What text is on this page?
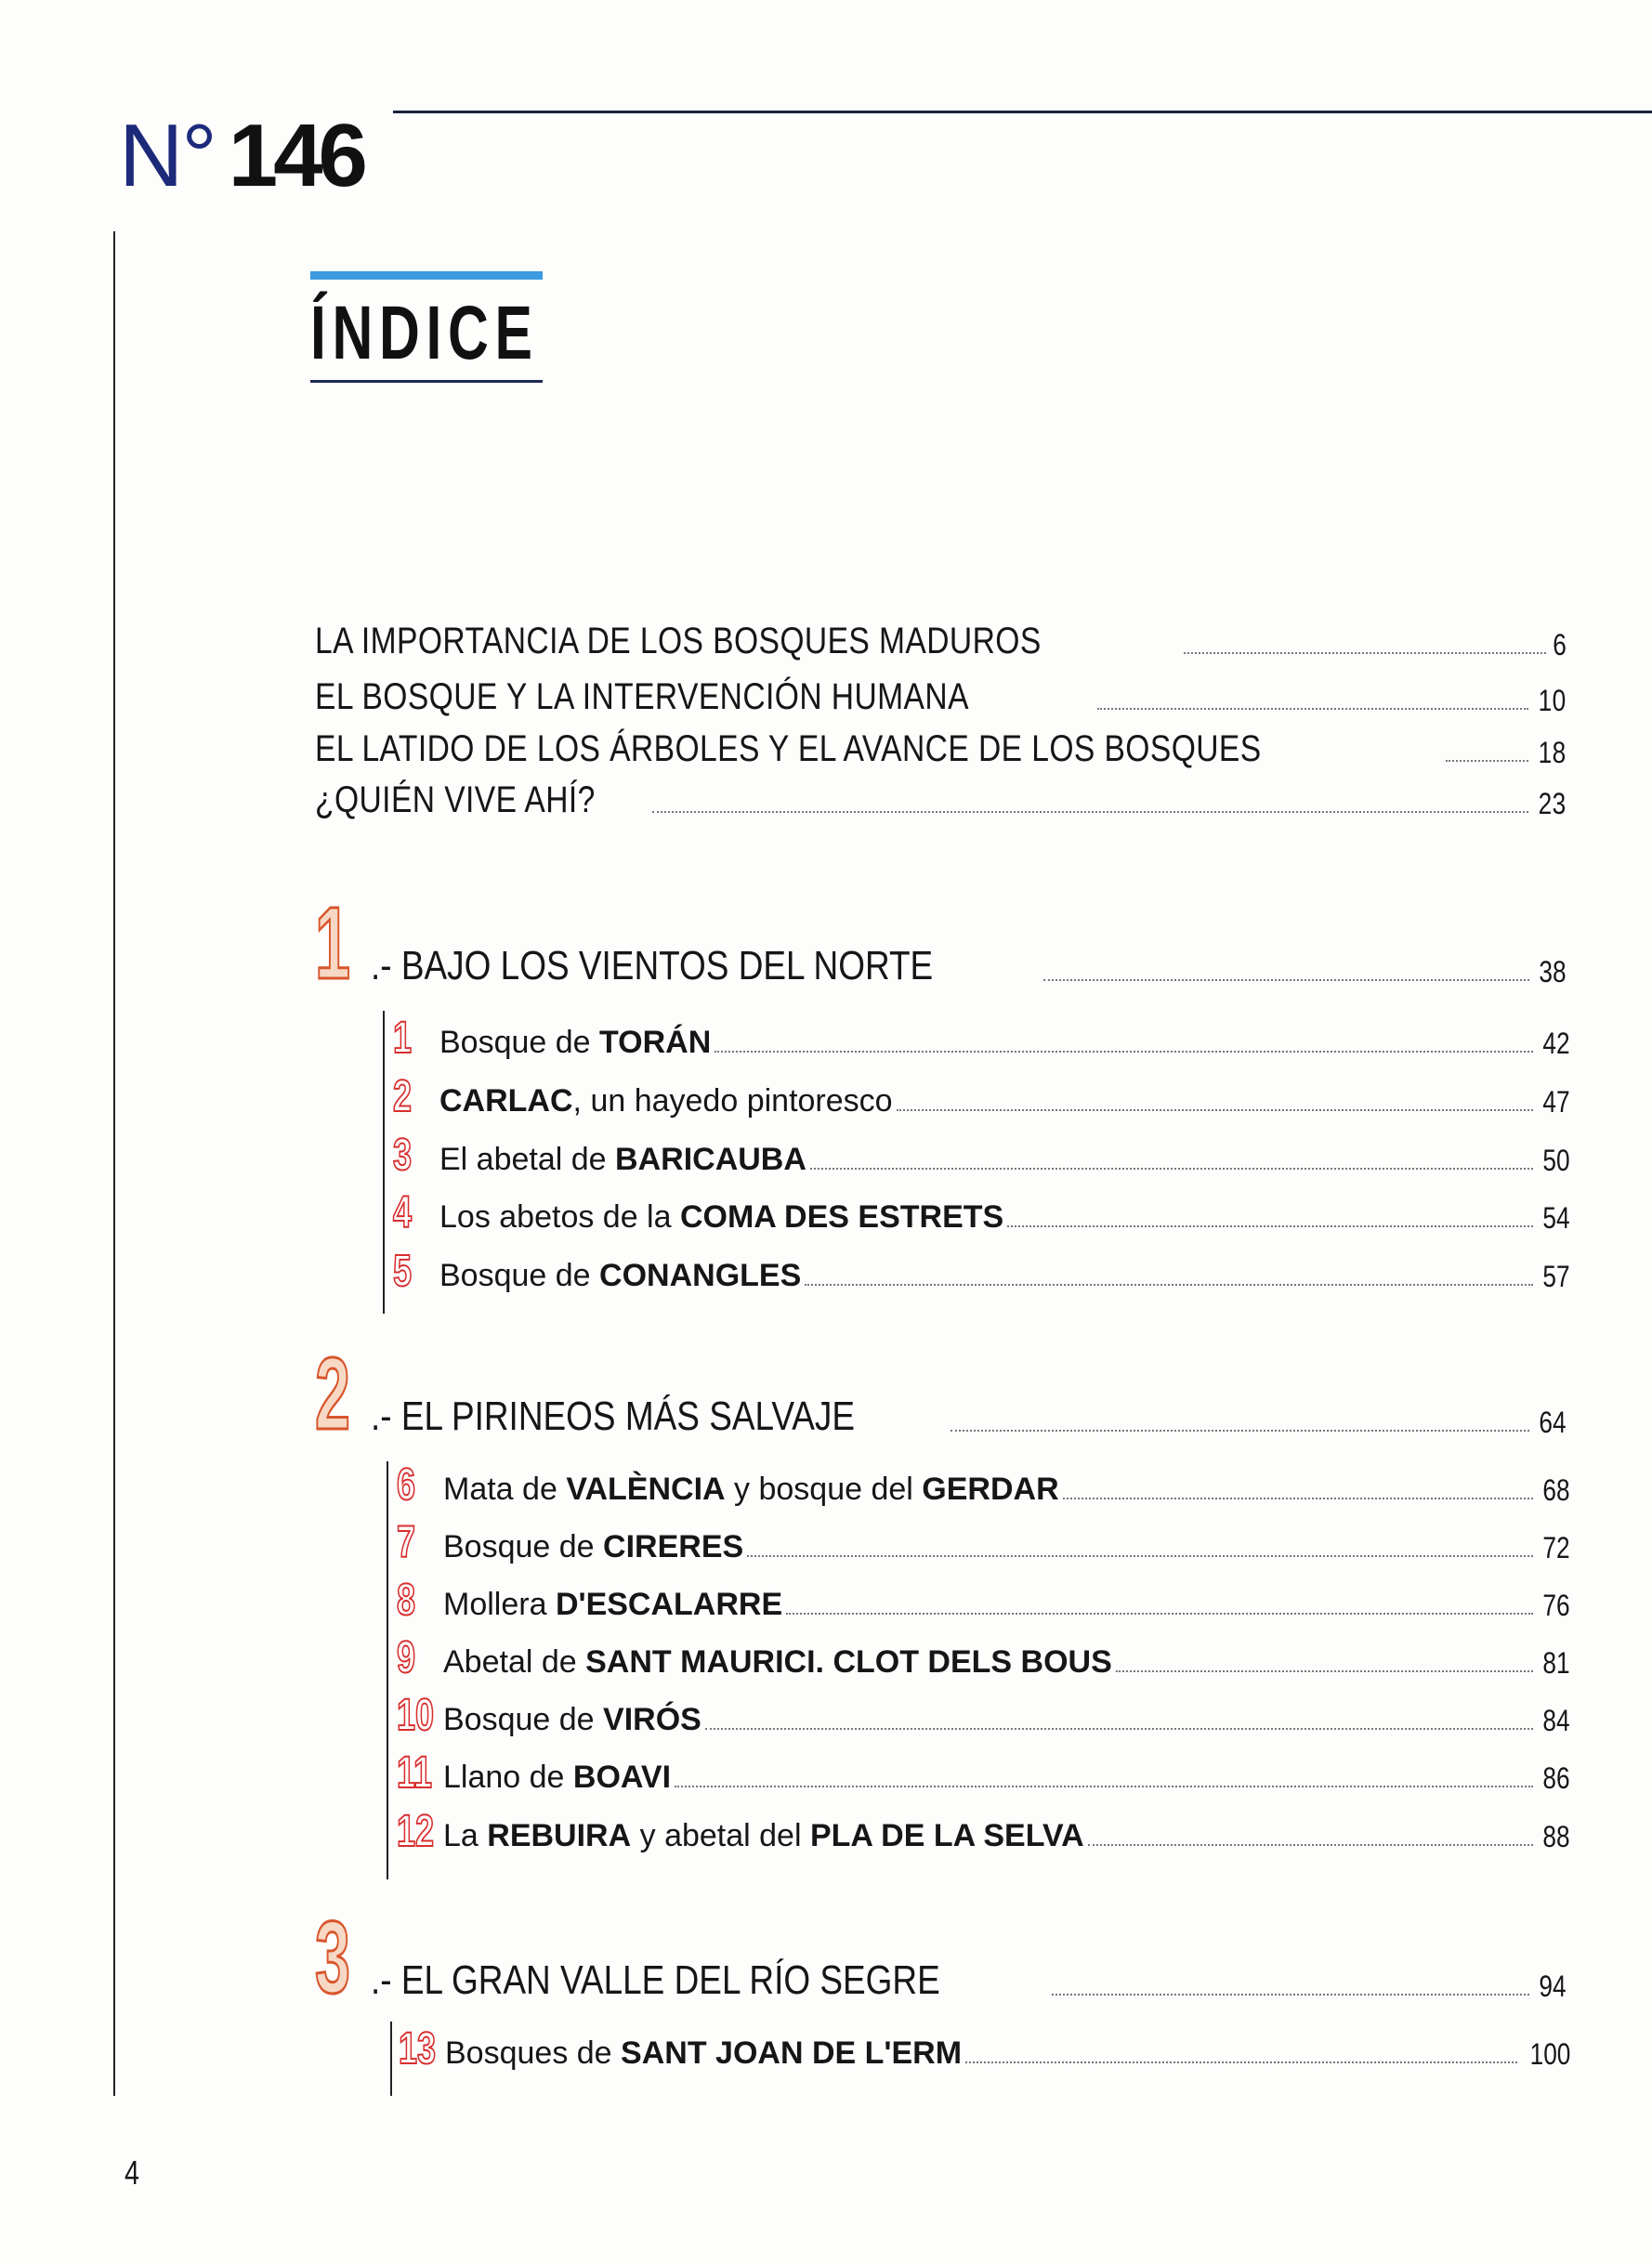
N° 146
ÍNDICE
LA IMPORTANCIA DE LOS BOSQUES MADUROS	6
EL BOSQUE Y LA INTERVENCIÓN HUMANA	10
EL LATIDO DE LOS ÁRBOLES Y EL AVANCE DE LOS BOSQUES	18
¿QUIÉN VIVE AHÍ?	23
1 .- BAJO LOS VIENTOS DEL NORTE	38
1 Bosque de TORÁN	42
2 CARLAC, un hayedo pintoresco	47
3 El abetal de BARICAUBA	50
4 Los abetos de la COMA DES ESTRETS	54
5 Bosque de CONANGLES	57
2 .- EL PIRINEOS MÁS SALVAJE	64
6 Mata de VALÈNCIA y bosque del GERDAR	68
7 Bosque de CIRERES	72
8 Mollera D'ESCALARRE	76
9 Abetal de SANT MAURICI. CLOT DELS BOUS	81
10 Bosque de VIRÓS	84
11 Llano de BOAVI	86
12 La REBUIRA y abetal del PLA DE LA SELVA	88
3 .- EL GRAN VALLE DEL RÍO SEGRE	94
13 Bosques de SANT JOAN DE L'ERM	100
4
